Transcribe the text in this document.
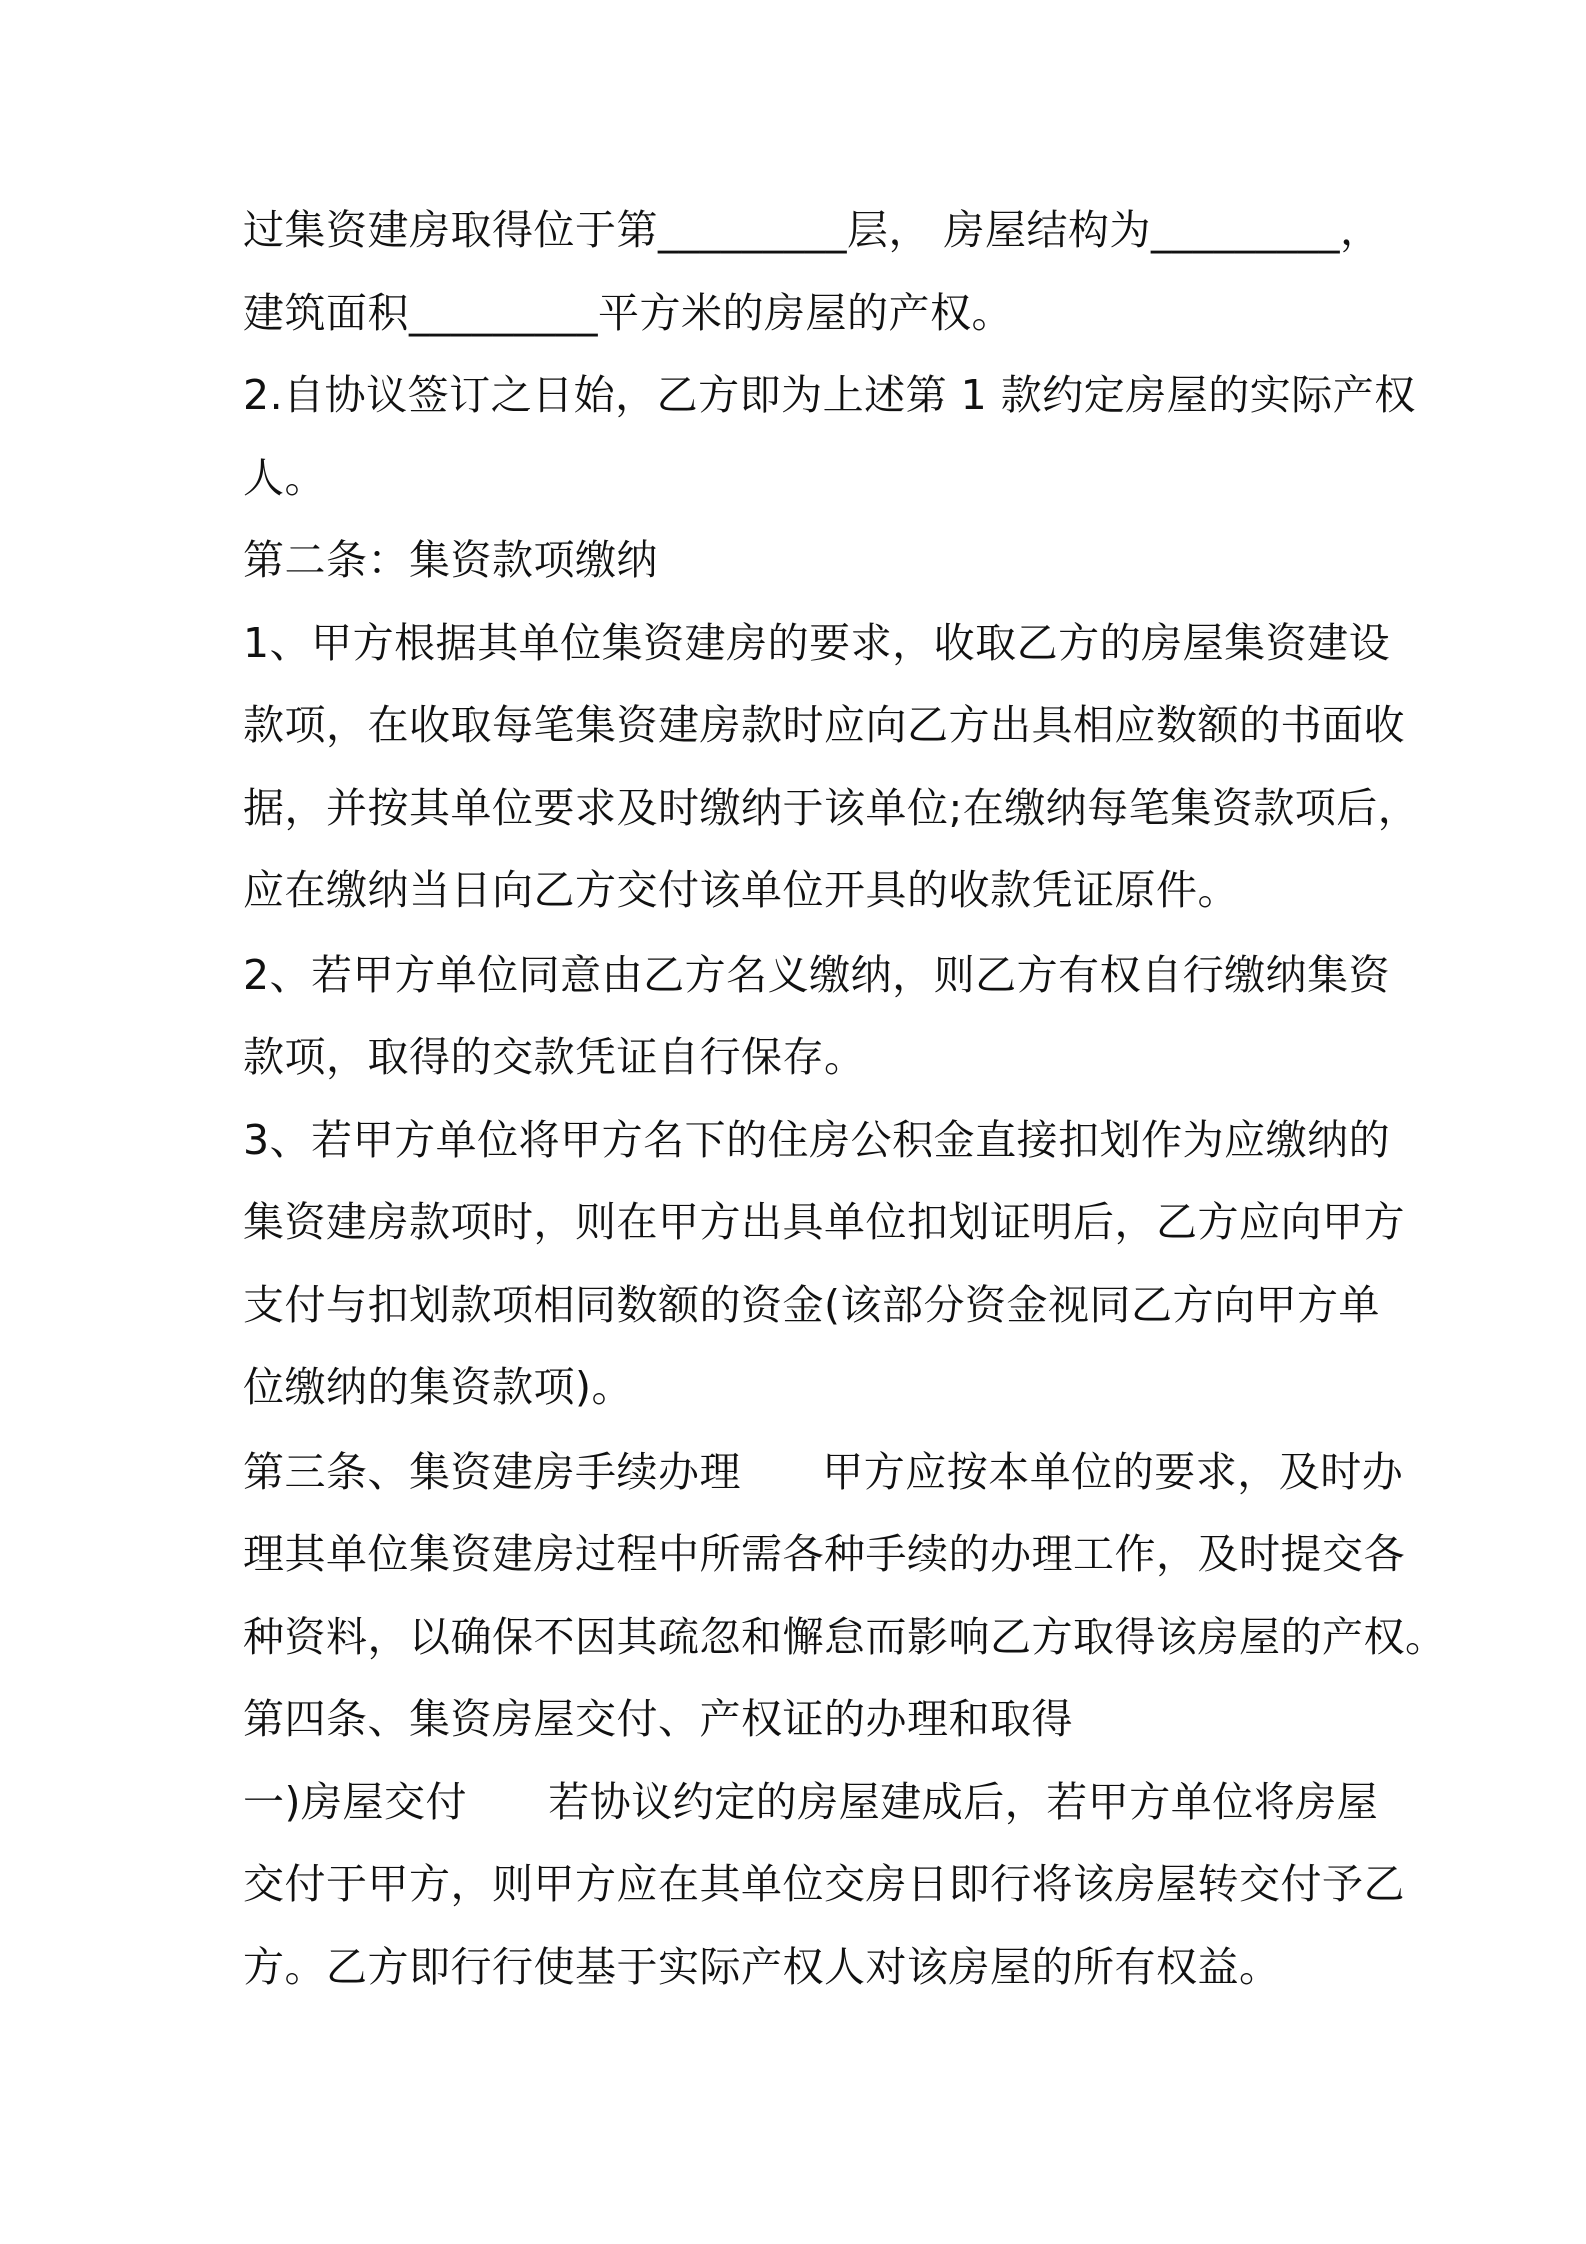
过集资建房取得位于第_________层， 房屋结构为_________，
建筑面积_________平方米的房屋的产权。
2.自协议签订之日始，乙方即为上述第 1 款约定房屋的实际产权
人。
第二条：集资款项缴纳
1、甲方根据其单位集资建房的要求，收取乙方的房屋集资建设
款项，在收取每笔集资建房款时应向乙方出具相应数额的书面收
据，并按其单位要求及时缴纳于该单位;在缴纳每笔集资款项后，
应在缴纳当日向乙方交付该单位开具的收款凭证原件。
2、若甲方单位同意由乙方名义缴纳，则乙方有权自行缴纳集资
款项，取得的交款凭证自行保存。
3、若甲方单位将甲方名下的住房公积金直接扣划作为应缴纳的
集资建房款项时，则在甲方出具单位扣划证明后，乙方应向甲方
支付与扣划款项相同数额的资金(该部分资金视同乙方向甲方单
位缴纳的集资款项)。
第三条、集资建房手续办理      甲方应按本单位的要求，及时办
理其单位集资建房过程中所需各种手续的办理工作，及时提交各
种资料，以确保不因其疏忽和懈怠而影响乙方取得该房屋的产权。
第四条、集资房屋交付、产权证的办理和取得
一)房屋交付      若协议约定的房屋建成后，若甲方单位将房屋
交付于甲方，则甲方应在其单位交房日即行将该房屋转交付予乙
方。乙方即行行使基于实际产权人对该房屋的所有权益。
